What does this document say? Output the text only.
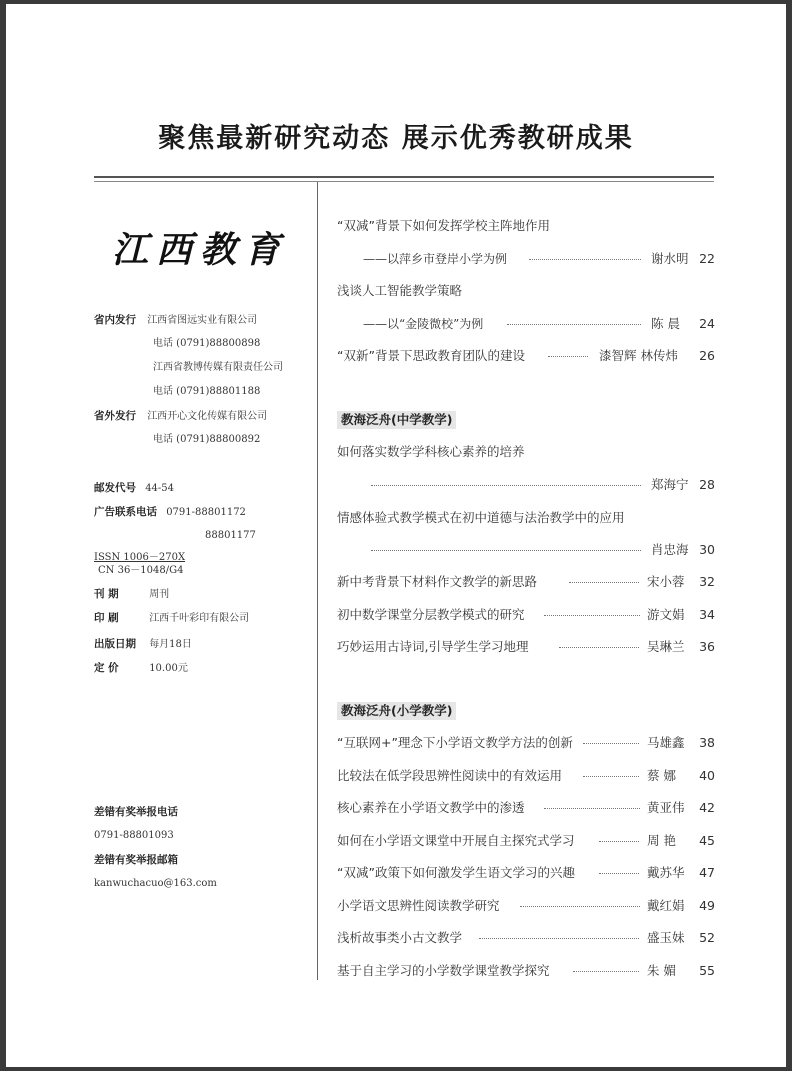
聚焦最新研究动态 展示优秀教研成果
江西教育
省内发行 江西省图远实业有限公司
电话 (0791)88800898
江西省教博传媒有限责任公司
电话 (0791)88801188
省外发行 江西开心文化传媒有限公司
电话 (0791)88800892
邮发代号 44-54
广告联系电话 0791-88801172
88801177
ISSN 1006－270X
CN 36－1048/G4
刊 期	周刊
印 刷	江西千叶彩印有限公司
出版日期 每月18日
定 价	10.00元
差错有奖举报电话
0791-88801093
差错有奖举报邮箱
kanwuchacuo@163.com
“双减”背景下如何发挥学校主阵地作用
——以萍乡市登岸小学为例	谢水明 22
浅谈人工智能教学策略
——以“金陵微校”为例	陈 晨	24
“双新”背景下思政教育团队的建设	漆智辉 林传炜	26
教海泛舟(中学教学)
如何落实数学学科核心素养的培养
郑海宁 28
情感体验式教学模式在初中道德与法治教学中的应用
肖忠海 30
新中考背景下材料作文教学的新思路	宋小蓉	32
初中数学课堂分层教学模式的研究	游文娟	34
巧妙运用古诗词,引导学生学习地理	吴琳兰	36
教海泛舟(小学教学)
“互联网+”理念下小学语文教学方法的创新	马雄鑫	38
比较法在低学段思辨性阅读中的有效运用	蔡 娜	40
核心素养在小学语文教学中的渗透	黄亚伟	42
如何在小学语文课堂中开展自主探究式学习	周 艳	45
“双减”政策下如何激发学生语文学习的兴趣	戴苏华	47
小学语文思辨性阅读教学研究	戴红娟	49
浅析故事类小古文教学	盛玉妹	52
基于自主学习的小学数学课堂教学探究	朱 媚	55
